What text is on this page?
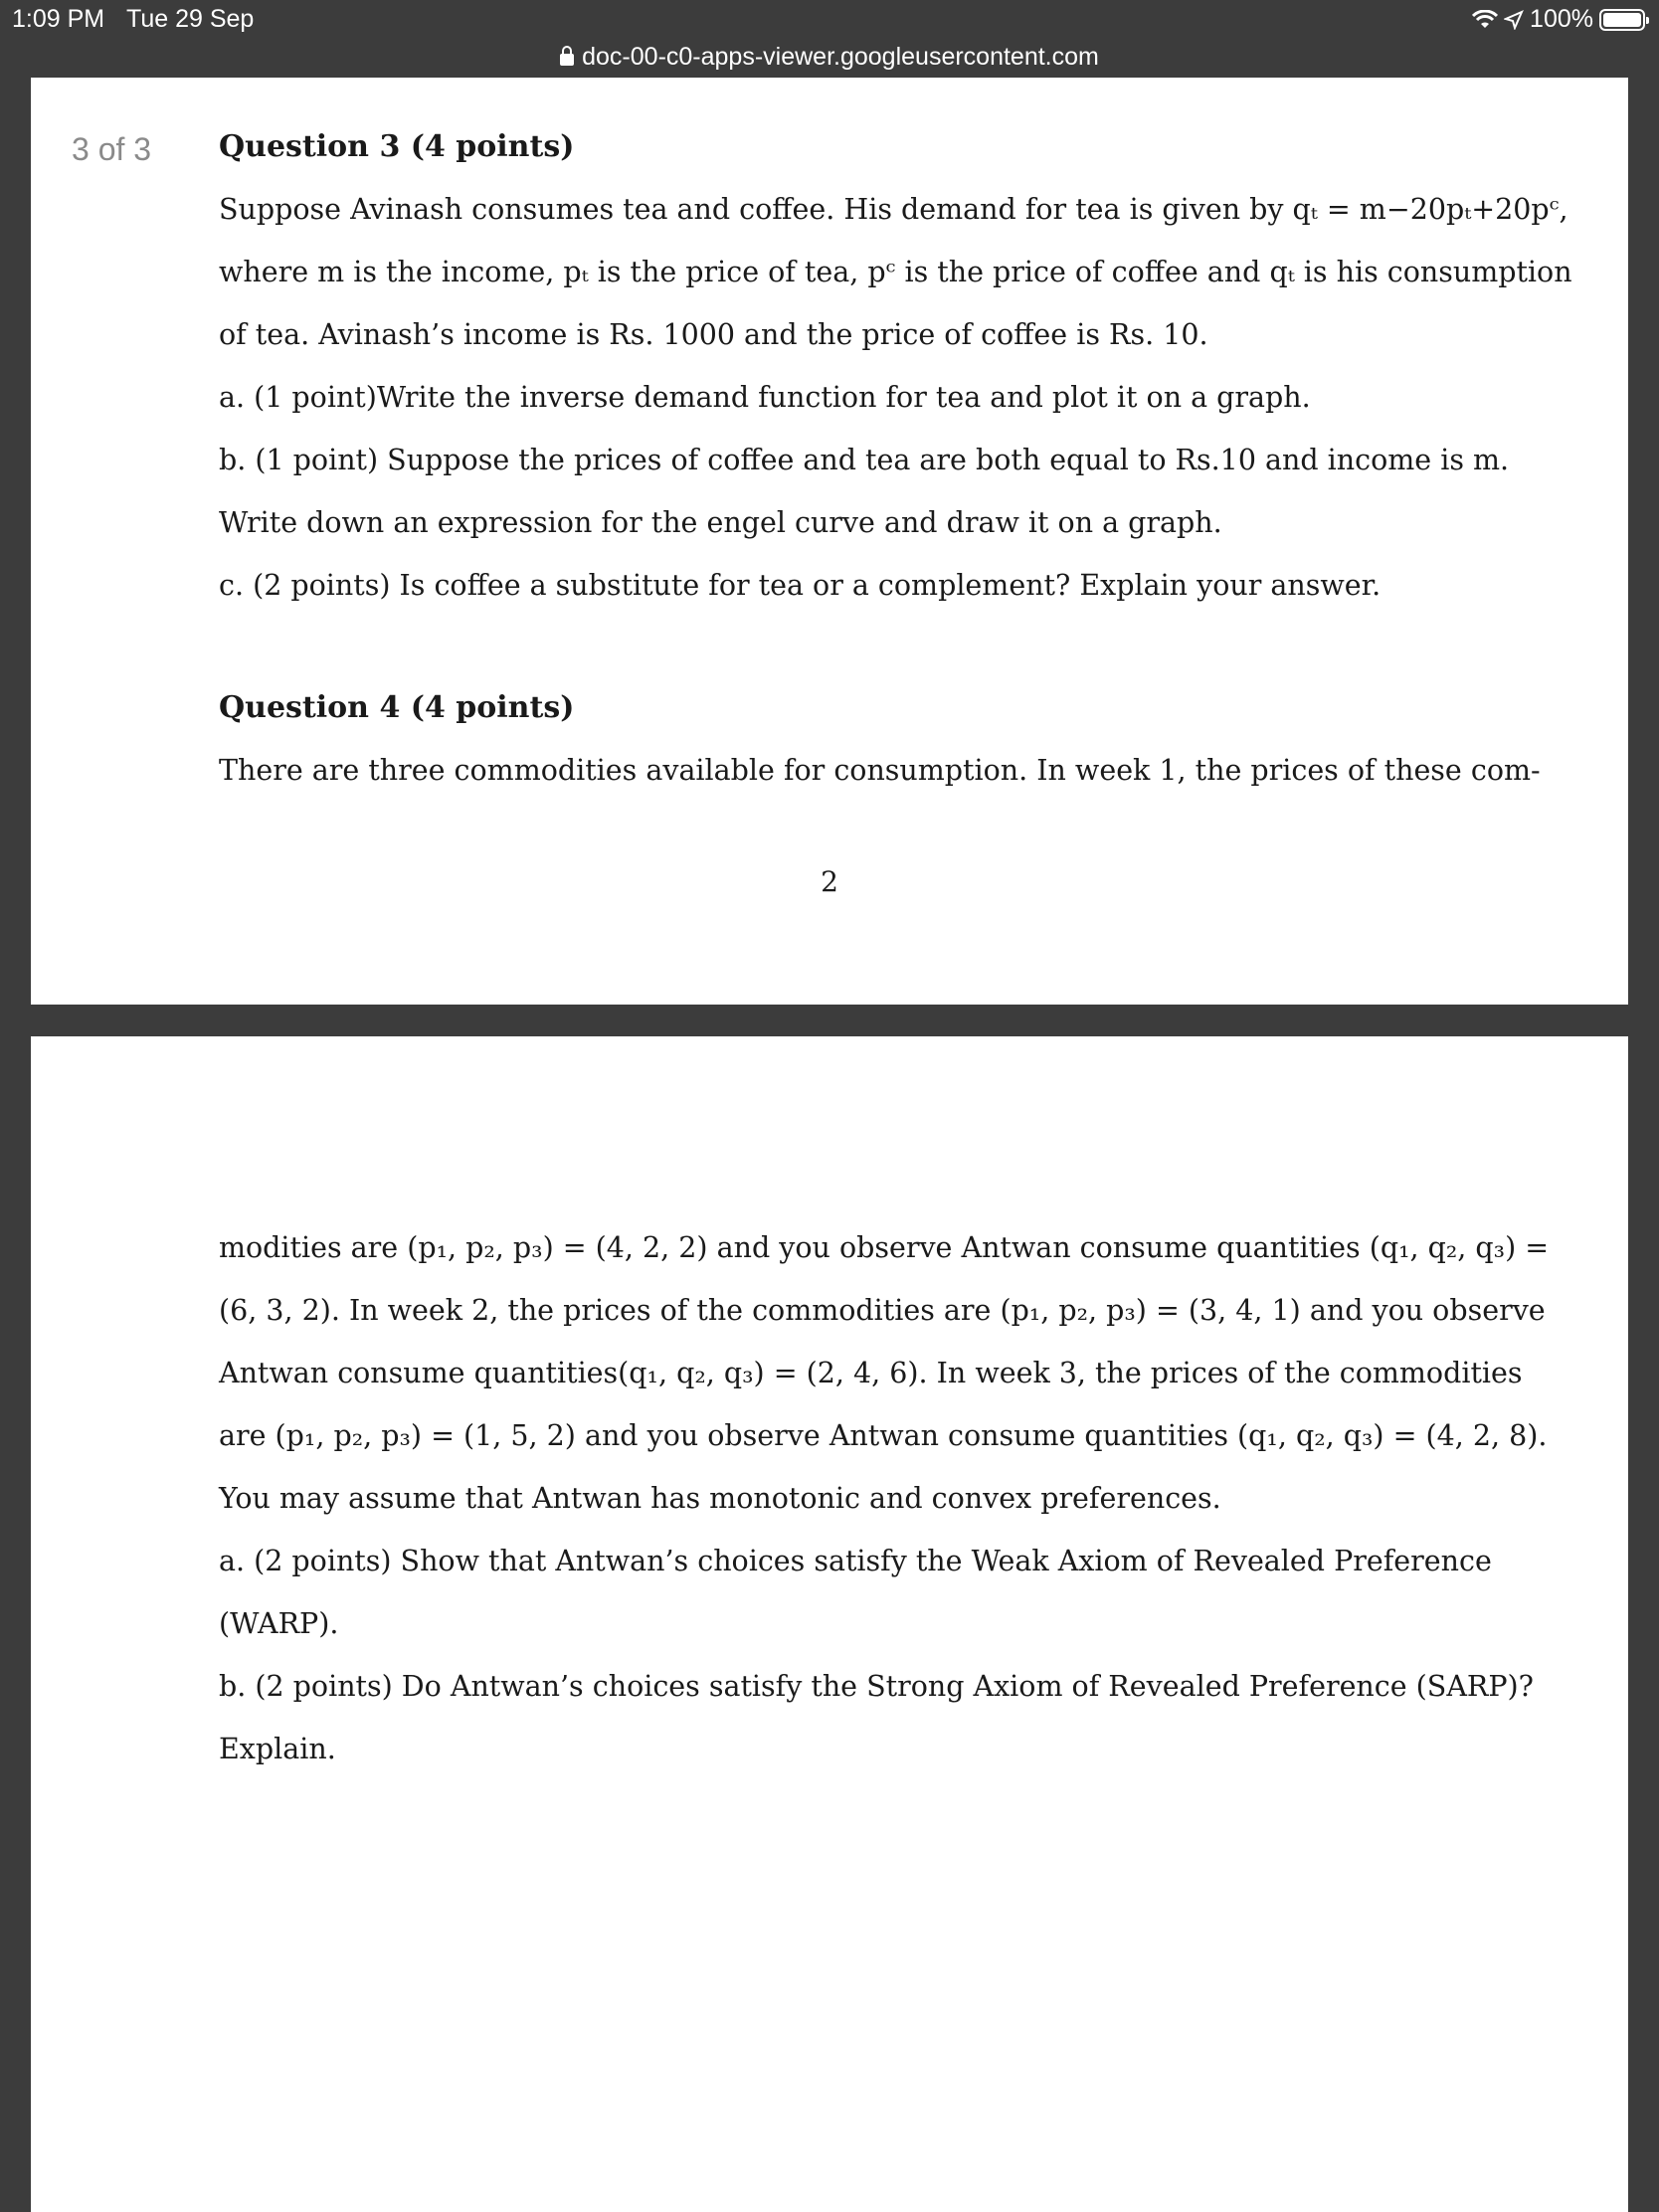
1:09 PM Tue 29 Sep	100%
doc-00-c0-apps-viewer.googleusercontent.com
3 of 3 Question 3 (4 points)
Suppose Avinash consumes tea and coffee. His demand for tea is given by qₜ = m−20pₜ+20pᶜ,
where m is the income, pₜ is the price of tea, pᶜ is the price of coffee and qₜ is his consumption
of tea. Avinash’s income is Rs. 1000 and the price of coffee is Rs. 10.
a. (1 point)Write the inverse demand function for tea and plot it on a graph.
b. (1 point) Suppose the prices of coffee and tea are both equal to Rs.10 and income is m.
Write down an expression for the engel curve and draw it on a graph.
c. (2 points) Is coffee a substitute for tea or a complement? Explain your answer.
Question 4 (4 points)
There are three commodities available for consumption. In week 1, the prices of these com-
2
modities are (p₁, p₂, p₃) = (4, 2, 2) and you observe Antwan consume quantities (q₁, q₂, q₃) =
(6, 3, 2). In week 2, the prices of the commodities are (p₁, p₂, p₃) = (3, 4, 1) and you observe
Antwan consume quantities(q₁, q₂, q₃) = (2, 4, 6). In week 3, the prices of the commodities
are (p₁, p₂, p₃) = (1, 5, 2) and you observe Antwan consume quantities (q₁, q₂, q₃) = (4, 2, 8).
You may assume that Antwan has monotonic and convex preferences.
a. (2 points) Show that Antwan’s choices satisfy the Weak Axiom of Revealed Preference
(WARP).
b. (2 points) Do Antwan’s choices satisfy the Strong Axiom of Revealed Preference (SARP)?
Explain.
